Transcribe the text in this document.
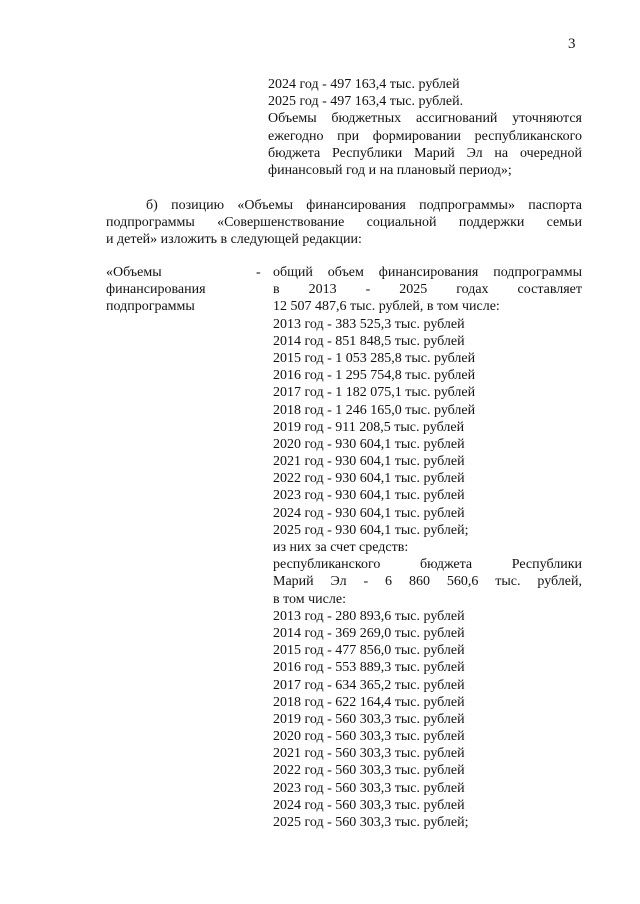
3
2024 год - 497 163,4 тыс. рублей
2025 год - 497 163,4 тыс. рублей.
Объемы бюджетных ассигнований уточняются
ежегодно при формировании республиканского
бюджета Республики Марий Эл на очередной
финансовый год и на плановый период»;
б) позицию «Объемы финансирования подпрограммы» паспорта
подпрограммы «Совершенствование социальной поддержки семьи
и детей» изложить в следующей редакции:
«Объемы
финансирования
подпрограммы
- общий объем финансирования подпрограммы
в 2013 - 2025 годах составляет
12 507 487,6 тыс. рублей, в том числе:
2013 год - 383 525,3 тыс. рублей
2014 год - 851 848,5 тыс. рублей
2015 год - 1 053 285,8 тыс. рублей
2016 год - 1 295 754,8 тыс. рублей
2017 год - 1 182 075,1 тыс. рублей
2018 год - 1 246 165,0 тыс. рублей
2019 год - 911 208,5 тыс. рублей
2020 год - 930 604,1 тыс. рублей
2021 год - 930 604,1 тыс. рублей
2022 год - 930 604,1 тыс. рублей
2023 год - 930 604,1 тыс. рублей
2024 год - 930 604,1 тыс. рублей
2025 год - 930 604,1 тыс. рублей;
из них за счет средств:
республиканского бюджета Республики
Марий Эл - 6 860 560,6 тыс. рублей,
в том числе:
2013 год - 280 893,6 тыс. рублей
2014 год - 369 269,0 тыс. рублей
2015 год - 477 856,0 тыс. рублей
2016 год - 553 889,3 тыс. рублей
2017 год - 634 365,2 тыс. рублей
2018 год - 622 164,4 тыс. рублей
2019 год - 560 303,3 тыс. рублей
2020 год - 560 303,3 тыс. рублей
2021 год - 560 303,3 тыс. рублей
2022 год - 560 303,3 тыс. рублей
2023 год - 560 303,3 тыс. рублей
2024 год - 560 303,3 тыс. рублей
2025 год - 560 303,3 тыс. рублей;
